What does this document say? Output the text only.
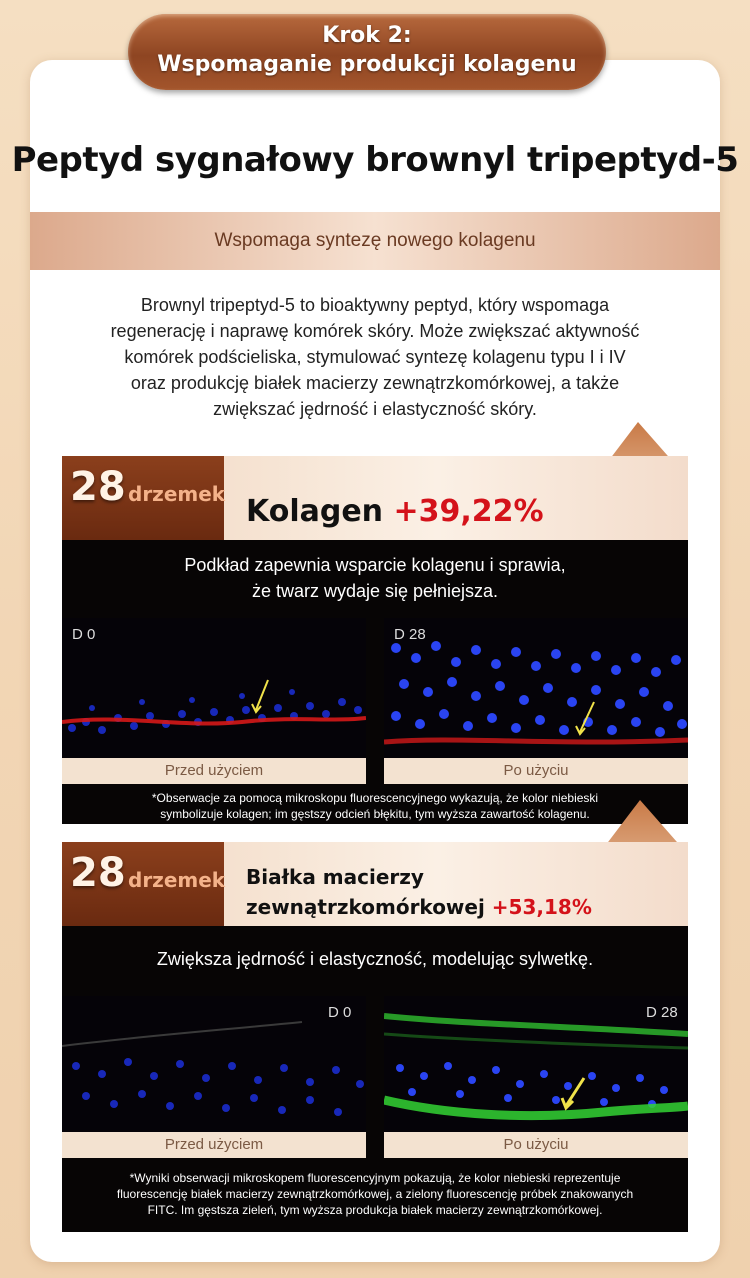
Krok 2:
Wspomaganie produkcji kolagenu
Peptyd sygnałowy brownyl tripeptyd-5
Wspomaga syntezę nowego kolagenu
Brownyl tripeptyd-5 to bioaktywny peptyd, który wspomaga
regenerację i naprawę komórek skóry. Może zwiększać aktywność
komórek podścieliska, stymulować syntezę kolagenu typu I i IV
oraz produkcję białek macierzy zewnątrzkomórkowej, a także
zwiększać jędrność i elastyczność skóry.
28 drzemek Kolagen +39,22%
Podkład zapewnia wsparcie kolagenu i sprawia,
że twarz wydaje się pełniejsza.
D 0
Przed użyciem
D 28
Po użyciu
*Obserwacje za pomocą mikroskopu fluorescencyjnego wykazują, że kolor niebieski
symbolizuje kolagen; im gęstszy odcień błękitu, tym wyższa zawartość kolagenu.
28 drzemek Białka macierzy
zewnątrzkomórkowej +53,18%
Zwiększa jędrność i elastyczność, modelując sylwetkę.
D 0
Przed użyciem
D 28
Po użyciu
*Wyniki obserwacji mikroskopem fluorescencyjnym pokazują, że kolor niebieski reprezentuje
fluorescencję białek macierzy zewnątrzkomórkowej, a zielony fluorescencję próbek znakowanych
FITC. Im gęstsza zieleń, tym wyższa produkcja białek macierzy zewnątrzkomórkowej.
